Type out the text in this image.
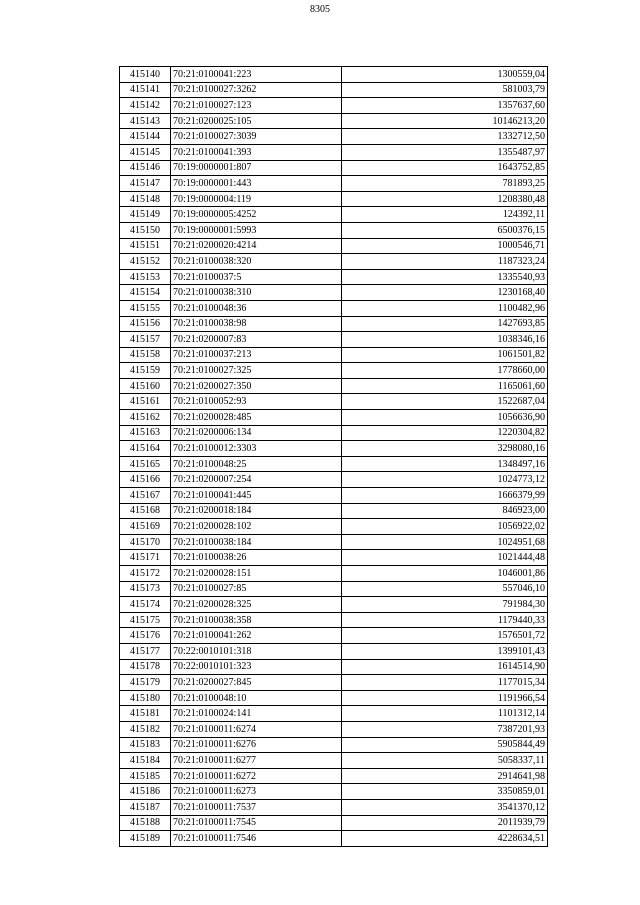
8305
415140	70:21:0100041:223	1300559,04
415141	70:21:0100027:3262	581003,79
415142	70:21:0100027:123	1357637,60
415143	70:21:0200025:105	10146213,20
415144	70:21:0100027:3039	1332712,50
415145	70:21:0100041:393	1355487,97
415146	70:19:0000001:807	1643752,85
415147	70:19:0000001:443	781893,25
415148	70:19:0000004:119	1208380,48
415149	70:19:0000005:4252	124392,11
415150	70:19:0000001:5993	6500376,15
415151	70:21:0200020:4214	1000546,71
415152	70:21:0100038:320	1187323,24
415153	70:21:0100037:5	1335540,93
415154	70:21:0100038:310	1230168,40
415155	70:21:0100048:36	1100482,96
415156	70:21:0100038:98	1427693,85
415157	70:21:0200007:83	1038346,16
415158	70:21:0100037:213	1061501,82
415159	70:21:0100027:325	1778660,00
415160	70:21:0200027:350	1165061,60
415161	70:21:0100052:93	1522687,04
415162	70:21:0200028:485	1056636,90
415163	70:21:0200006:134	1220304,82
415164	70:21:0100012:3303	3298080,16
415165	70:21:0100048:25	1348497,16
415166	70:21:0200007:254	1024773,12
415167	70:21:0100041:445	1666379,99
415168	70:21:0200018:184	846923,00
415169	70:21:0200028:102	1056922,02
415170	70:21:0100038:184	1024951,68
415171	70:21:0100038:26	1021444,48
415172	70:21:0200028:151	1046001,86
415173	70:21:0100027:85	557046,10
415174	70:21:0200028:325	791984,30
415175	70:21:0100038:358	1179440,33
415176	70:21:0100041:262	1576501,72
415177	70:22:0010101:318	1399101,43
415178	70:22:0010101:323	1614514,90
415179	70:21:0200027:845	1177015,34
415180	70:21:0100048:10	1191966,54
415181	70:21:0100024:141	1101312,14
415182	70:21:0100011:6274	7387201,93
415183	70:21:0100011:6276	5905844,49
415184	70:21:0100011:6277	5058337,11
415185	70:21:0100011:6272	2914641,98
415186	70:21:0100011:6273	3350859,01
415187	70:21:0100011:7537	3541370,12
415188	70:21:0100011:7545	2011939,79
415189	70:21:0100011:7546	4228634,51
